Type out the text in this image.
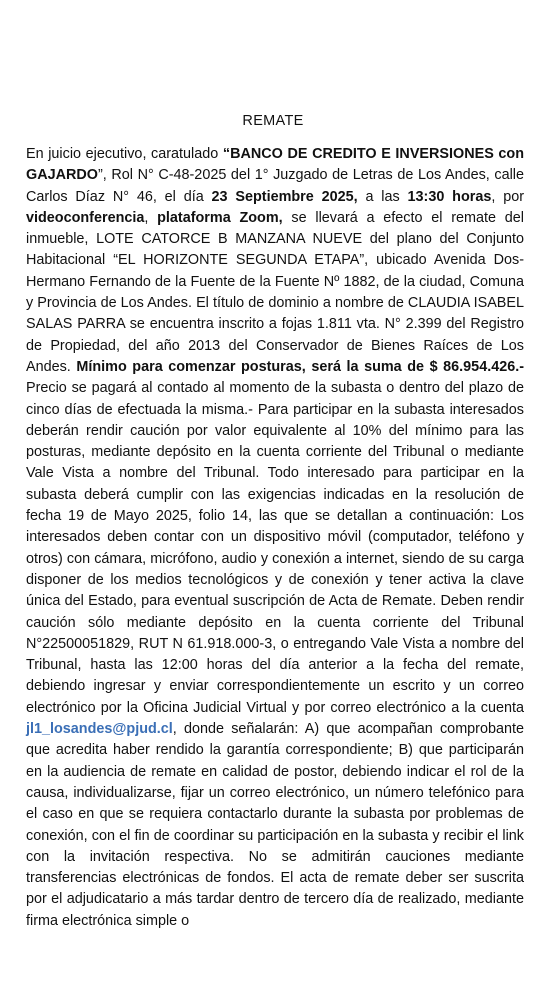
REMATE
En juicio ejecutivo, caratulado “BANCO DE CREDITO E INVERSIONES con GAJARDO”, Rol N° C-48-2025 del 1° Juzgado de Letras de Los Andes, calle Carlos Díaz N° 46, el día 23 Septiembre 2025, a las 13:30 horas, por videoconferencia, plataforma Zoom, se llevará a efecto el remate del inmueble, LOTE CATORCE B MANZANA NUEVE del plano del Conjunto Habitacional “EL HORIZONTE SEGUNDA ETAPA”, ubicado Avenida Dos-Hermano Fernando de la Fuente de la Fuente Nº 1882, de la ciudad, Comuna y Provincia de Los Andes. El título de dominio a nombre de CLAUDIA ISABEL SALAS PARRA se encuentra inscrito a fojas 1.811 vta. N° 2.399 del Registro de Propiedad, del año 2013 del Conservador de Bienes Raíces de Los Andes. Mínimo para comenzar posturas, será la suma de $ 86.954.426.- Precio se pagará al contado al momento de la subasta o dentro del plazo de cinco días de efectuada la misma.- Para participar en la subasta interesados deberán rendir caución por valor equivalente al 10% del mínimo para las posturas, mediante depósito en la cuenta corriente del Tribunal o mediante Vale Vista a nombre del Tribunal. Todo interesado para participar en la subasta deberá cumplir con las exigencias indicadas en la resolución de fecha 19 de Mayo 2025, folio 14, las que se detallan a continuación: Los interesados deben contar con un dispositivo móvil (computador, teléfono y otros) con cámara, micrófono, audio y conexión a internet, siendo de su carga disponer de los medios tecnológicos y de conexión y tener activa la clave única del Estado, para eventual suscripción de Acta de Remate. Deben rendir caución sólo mediante depósito en la cuenta corriente del Tribunal N°22500051829, RUT N 61.918.000-3, o entregando Vale Vista a nombre del Tribunal, hasta las 12:00 horas del día anterior a la fecha del remate, debiendo ingresar y enviar correspondientemente un escrito y un correo electrónico por la Oficina Judicial Virtual y por correo electrónico a la cuenta jl1_losandes@pjud.cl, donde señalarán: A) que acompañan comprobante que acredita haber rendido la garantía correspondiente; B) que participarán en la audiencia de remate en calidad de postor, debiendo indicar el rol de la causa, individualizarse, fijar un correo electrónico, un número telefónico para el caso en que se requiera contactarlo durante la subasta por problemas de conexión, con el fin de coordinar su participación en la subasta y recibir el link con la invitación respectiva. No se admitirán cauciones mediante transferencias electrónicas de fondos. El acta de remate deber ser suscrita por el adjudicatario a más tardar dentro de tercero día de realizado, mediante firma electrónica simple o
